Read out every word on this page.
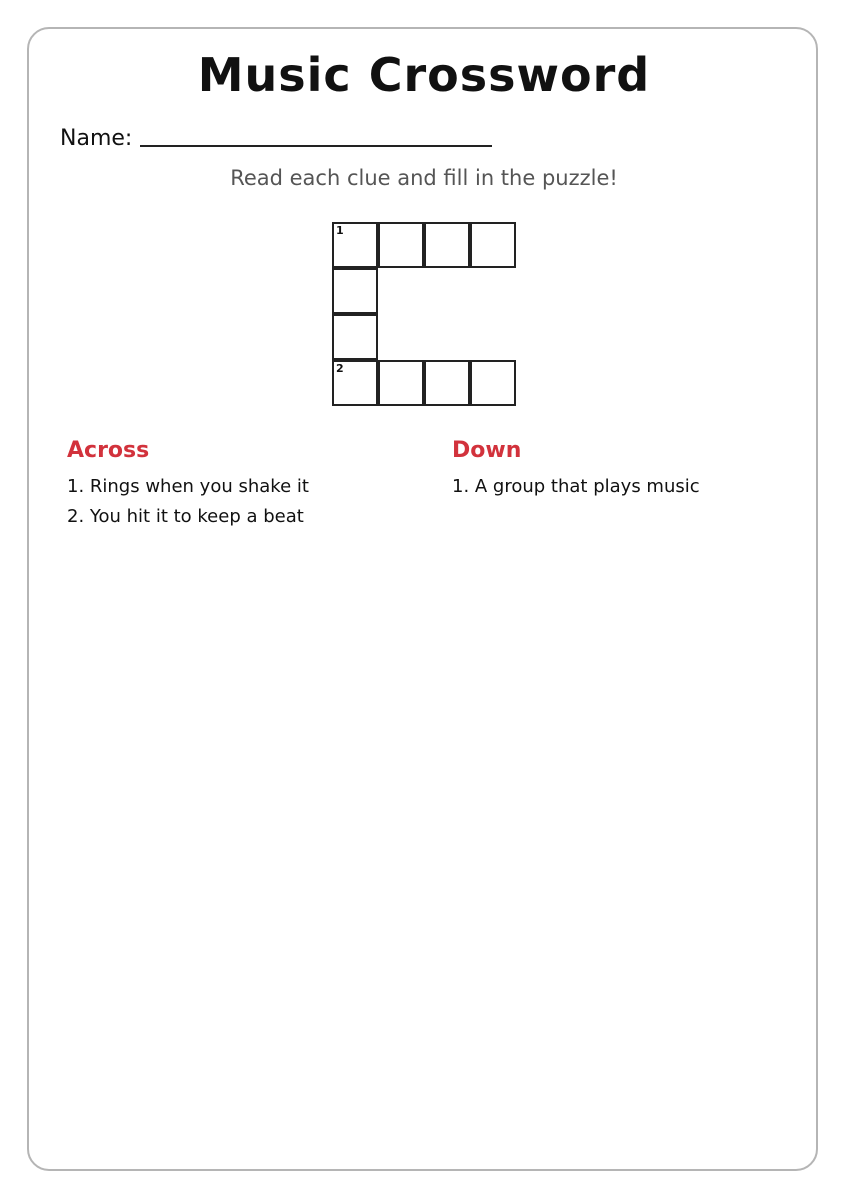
Music Crossword
Name:
Read each clue and fill in the puzzle!
1
2
Across
1. Rings when you shake it
2. You hit it to keep a beat
Down
1. A group that plays music
